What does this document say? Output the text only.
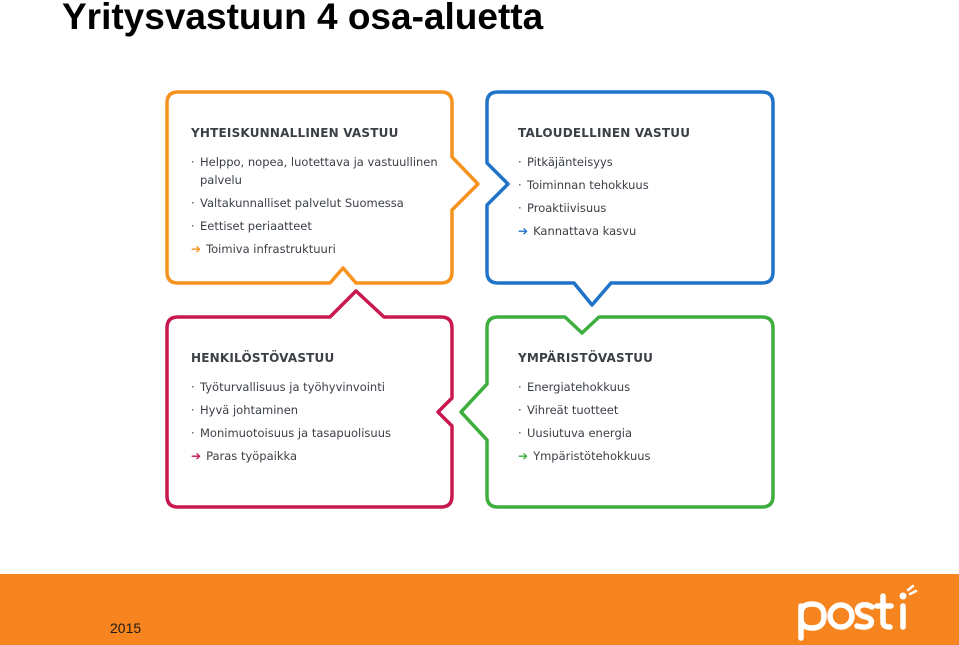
Yritysvastuun 4 osa-aluetta
YHTEISKUNNALLINEN VASTUU
· Helppo, nopea, luotettava ja vastuullinen palvelu
· Valtakunnalliset palvelut Suomessa
· Eettiset periaatteet
➔ Toimiva infrastruktuuri
TALOUDELLINEN VASTUU
· Pitkäjänteisyys
· Toiminnan tehokkuus
· Proaktiivisuus
➔ Kannattava kasvu
HENKILÖSTÖVASTUU
· Työturvallisuus ja työhyvinvointi
· Hyvä johtaminen
· Monimuotoisuus ja tasapuolisuus
➔ Paras työpaikka
YMPÄRISTÖVASTUU
· Energiatehokkuus
· Vihreät tuotteet
· Uusiutuva energia
➔ Ympäristötehokkuus
2015
